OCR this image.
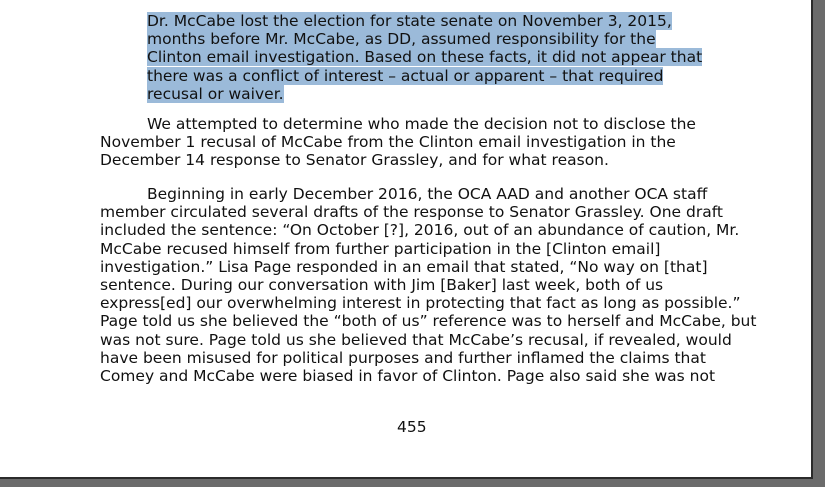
Dr. McCabe lost the election for state senate on November 3, 2015,
months before Mr. McCabe, as DD, assumed responsibility for the
Clinton email investigation. Based on these facts, it did not appear that
there was a conflict of interest – actual or apparent – that required
recusal or waiver.
We attempted to determine who made the decision not to disclose the
November 1 recusal of McCabe from the Clinton email investigation in the
December 14 response to Senator Grassley, and for what reason.
Beginning in early December 2016, the OCA AAD and another OCA staff
member circulated several drafts of the response to Senator Grassley. One draft
included the sentence: “On October [?], 2016, out of an abundance of caution, Mr.
McCabe recused himself from further participation in the [Clinton email]
investigation.” Lisa Page responded in an email that stated, “No way on [that]
sentence. During our conversation with Jim [Baker] last week, both of us
express[ed] our overwhelming interest in protecting that fact as long as possible.”
Page told us she believed the “both of us” reference was to herself and McCabe, but
was not sure. Page told us she believed that McCabe’s recusal, if revealed, would
have been misused for political purposes and further inflamed the claims that
Comey and McCabe were biased in favor of Clinton. Page also said she was not
455
